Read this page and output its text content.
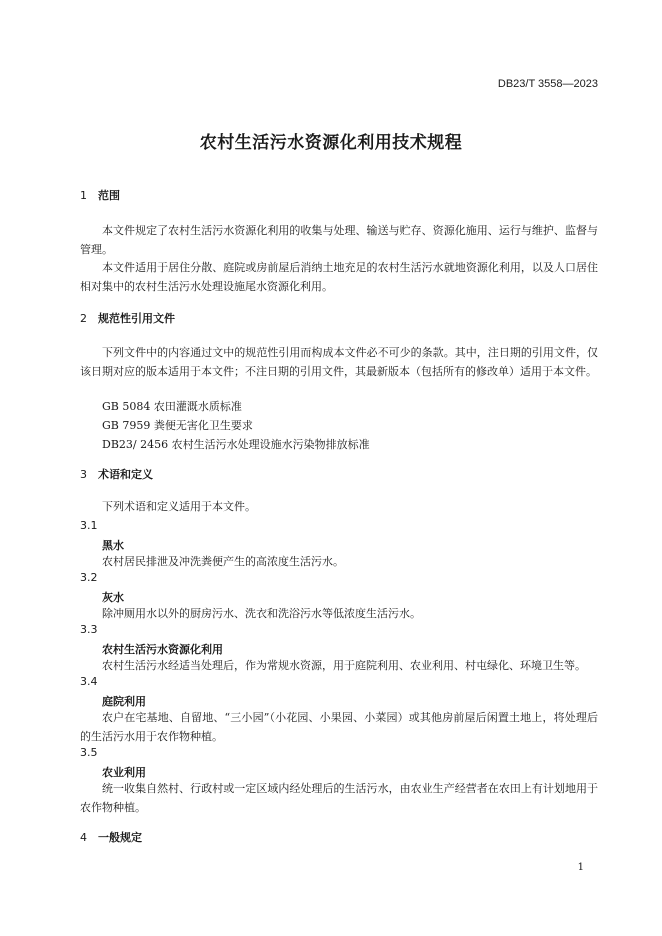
DB23/T 3558—2023
农村生活污水资源化利用技术规程
1 范围
本文件规定了农村生活污水资源化利用的收集与处理、输送与贮存、资源化施用、运行与维护、监督与管理。
本文件适用于居住分散、庭院或房前屋后消纳土地充足的农村生活污水就地资源化利用，以及人口居住相对集中的农村生活污水处理设施尾水资源化利用。
2 规范性引用文件
下列文件中的内容通过文中的规范性引用而构成本文件必不可少的条款。其中，注日期的引用文件，仅该日期对应的版本适用于本文件；不注日期的引用文件，其最新版本（包括所有的修改单）适用于本文件。
GB 5084 农田灌溉水质标准
GB 7959 粪便无害化卫生要求
DB23/ 2456 农村生活污水处理设施水污染物排放标准
3 术语和定义
下列术语和定义适用于本文件。
3.1
黑水
农村居民排泄及冲洗粪便产生的高浓度生活污水。
3.2
灰水
除冲厕用水以外的厨房污水、洗衣和洗浴污水等低浓度生活污水。
3.3
农村生活污水资源化利用
农村生活污水经适当处理后，作为常规水资源，用于庭院利用、农业利用、村屯绿化、环境卫生等。
3.4
庭院利用
农户在宅基地、自留地、“三小园”（小花园、小果园、小菜园）或其他房前屋后闲置土地上，将处理后的生活污水用于农作物种植。
3.5
农业利用
统一收集自然村、行政村或一定区域内经处理后的生活污水，由农业生产经营者在农田上有计划地用于农作物种植。
4 一般规定
1
